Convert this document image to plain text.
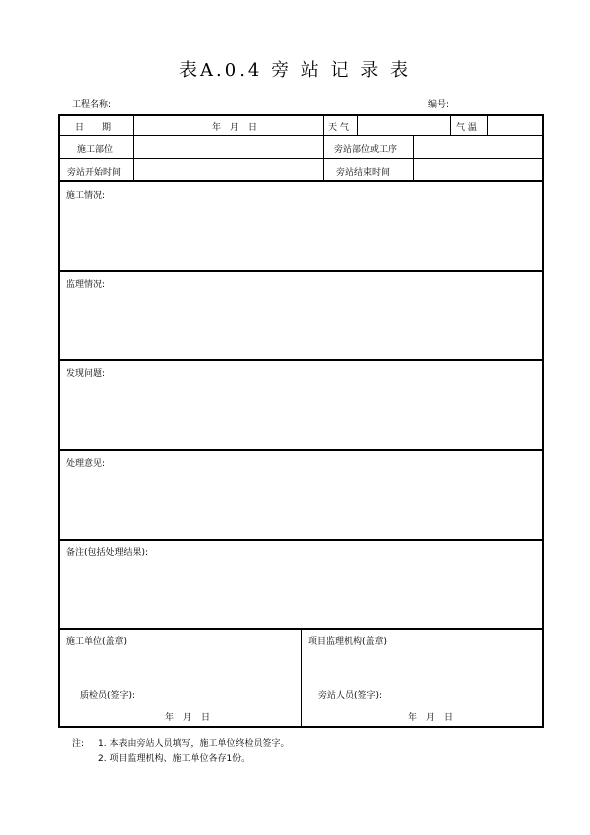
表A.0.4 旁 站 记 录 表
工程名称:	编号:
日　　期	年　月　日	天 气	气 温
施工部位	旁站部位或工序
旁站开始时间	旁站结束时间
施工情况:
监理情况:
发现问题:
处理意见:
备注(包括处理结果):
施工单位(盖章)
质检员(签字):
年　月　日
项目监理机构(盖章)
旁站人员(签字):
年　月　日
注: 1. 本表由旁站人员填写，施工单位终检员签字。
2. 项目监理机构、施工单位各存1份。
